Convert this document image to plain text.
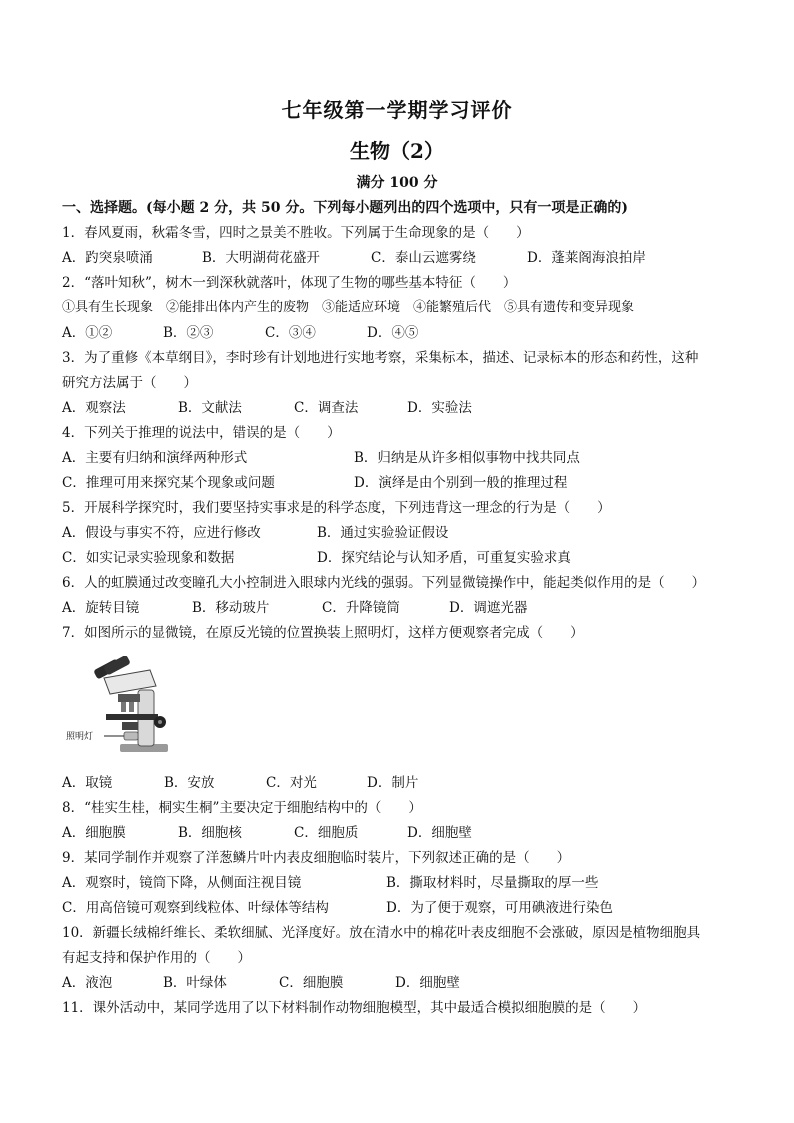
七年级第一学期学习评价
生物（2）
满分 100 分
一、选择题。(每小题 2 分，共 50 分。下列每小题列出的四个选项中，只有一项是正确的)
1．春风夏雨，秋霜冬雪，四时之景美不胜收。下列属于生命现象的是（　　）
A．趵突泉喷涌	B．大明湖荷花盛开	C．泰山云遮雾绕	D．蓬莱阁海浪拍岸
2．“落叶知秋”，树木一到深秋就落叶，体现了生物的哪些基本特征（　　）
①具有生长现象　②能排出体内产生的废物　③能适应环境　④能繁殖后代　⑤具有遗传和变异现象
A．①②	B．②③	C．③④	D．④⑤
3．为了重修《本草纲目》，李时珍有计划地进行实地考察，采集标本，描述、记录标本的形态和药性，这种
研究方法属于（　　）
A．观察法	B．文献法	C．调查法	D．实验法
4．下列关于推理的说法中，错误的是（　　）
A．主要有归纳和演绎两种形式	B．归纳是从许多相似事物中找共同点
C．推理可用来探究某个现象或问题	D．演绎是由个别到一般的推理过程
5．开展科学探究时，我们要坚持实事求是的科学态度，下列违背这一理念的行为是（　　）
A．假设与事实不符，应进行修改	B．通过实验验证假设
C．如实记录实验现象和数据	D．探究结论与认知矛盾，可重复实验求真
6．人的虹膜通过改变瞳孔大小控制进入眼球内光线的强弱。下列显微镜操作中，能起类似作用的是（　　）
A．旋转目镜	B．移动玻片	C．升降镜筒	D．调遮光器
7．如图所示的显微镜，在原反光镜的位置换装上照明灯，这样方便观察者完成（　　）
照明灯
A．取镜	B．安放	C．对光	D．制片
8．“桂实生桂，桐实生桐”主要决定于细胞结构中的（　　）
A．细胞膜	B．细胞核	C．细胞质	D．细胞壁
9．某同学制作并观察了洋葱鳞片叶内表皮细胞临时装片，下列叙述正确的是（　　）
A．观察时，镜筒下降，从侧面注视目镜	B．撕取材料时，尽量撕取的厚一些
C．用高倍镜可观察到线粒体、叶绿体等结构	D．为了便于观察，可用碘液进行染色
10．新疆长绒棉纤维长、柔软细腻、光泽度好。放在清水中的棉花叶表皮细胞不会涨破，原因是植物细胞具
有起支持和保护作用的（　　）
A．液泡	B．叶绿体	C．细胞膜	D．细胞壁
11．课外活动中，某同学选用了以下材料制作动物细胞模型，其中最适合模拟细胞膜的是（　　）
